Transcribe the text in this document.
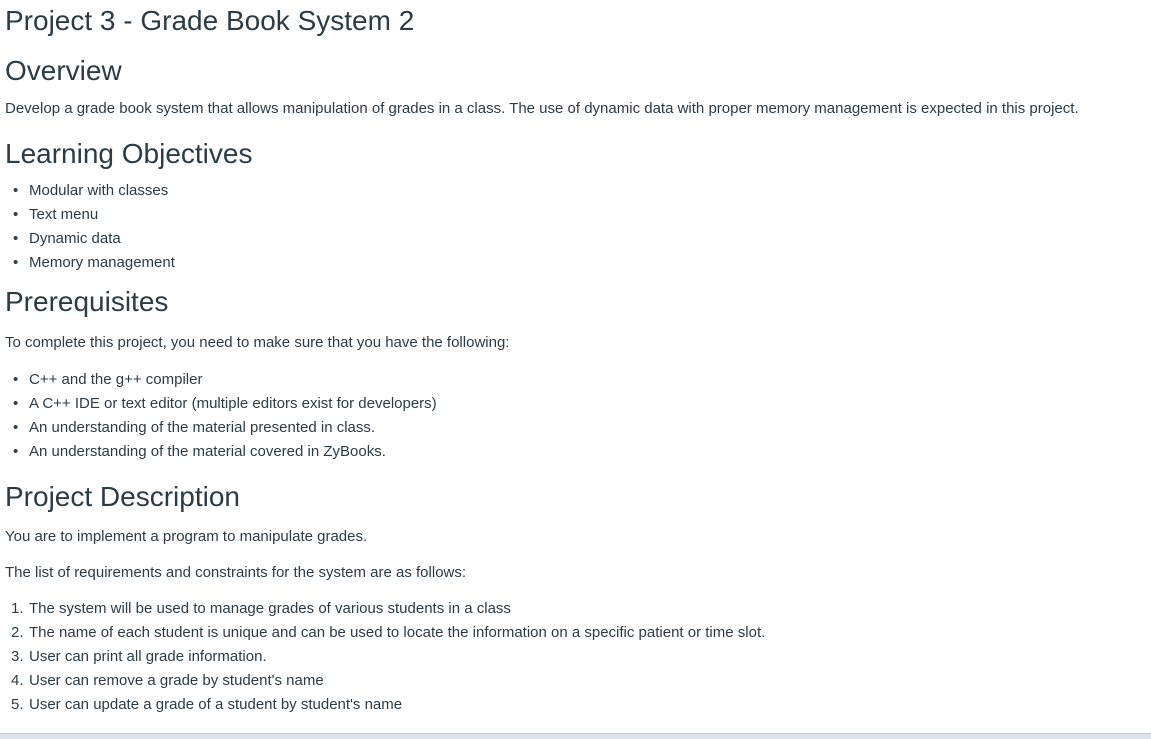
Project 3 - Grade Book System 2
Overview

Develop a grade book system that allows manipulation of grades in a class. The use of dynamic data with proper memory management is expected in this project.

Learning Objectives
• Modular with classes
• Text menu
• Dynamic data
• Memory management
Prerequisites

To complete this project, you need to make sure that you have the following:

• C++ and the g++ compiler
• A C++ IDE or text editor (multiple editors exist for developers)
• An understanding of the material presented in class.
• An understanding of the material covered in ZyBooks.
Project Description

You are to implement a program to manipulate grades.

The list of requirements and constraints for the system are as follows:

1. The system will be used to manage grades of various students in a class
2. The name of each student is unique and can be used to locate the information on a specific patient or time slot.
3. User can print all grade information.
4. User can remove a grade by student's name
5. User can update a grade of a student by student's name
